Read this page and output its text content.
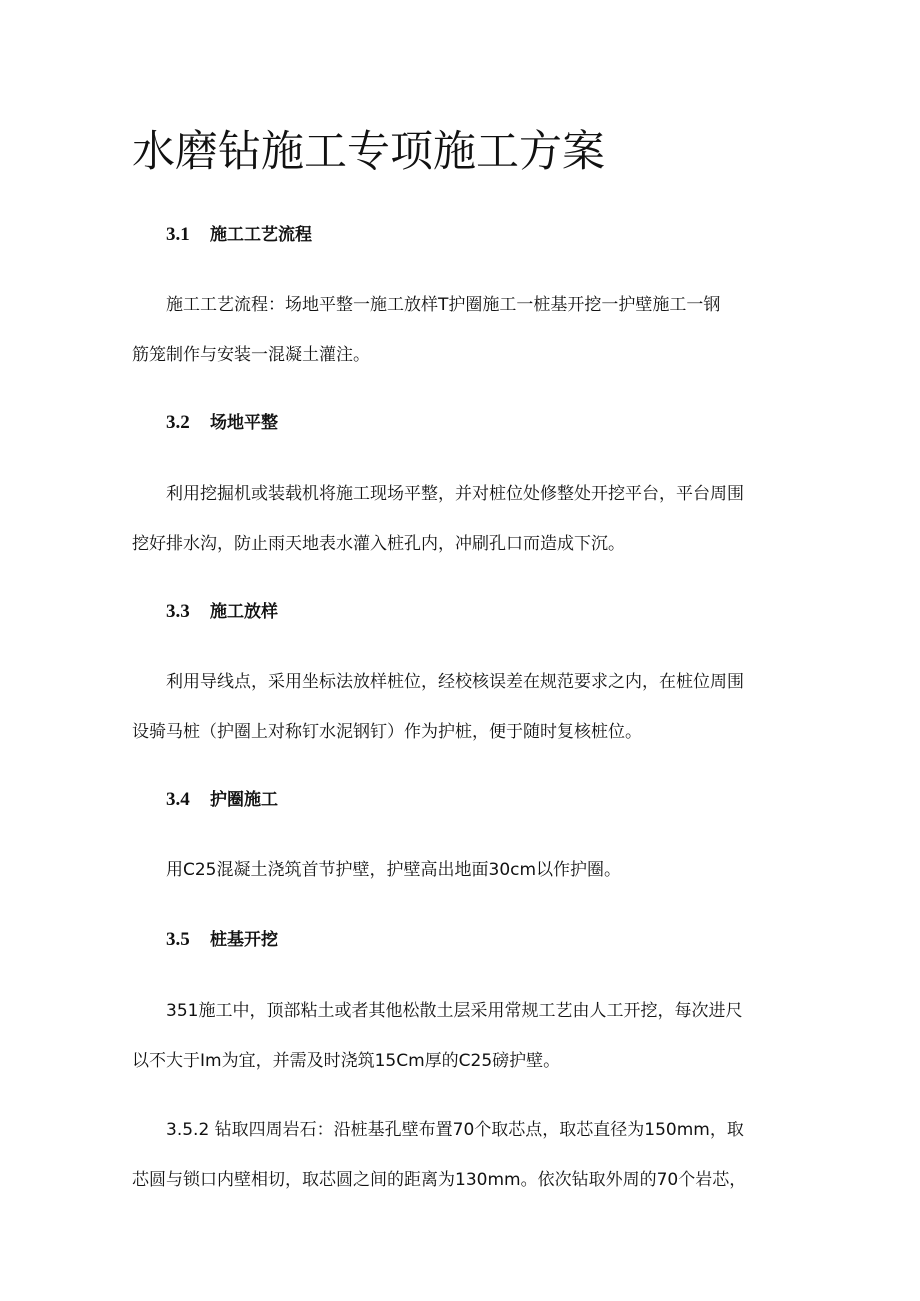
水磨钻施工专项施工方案
3.1 施工工艺流程
施工工艺流程：场地平整一施工放样T护圈施工一桩基开挖一护壁施工一钢
筋笼制作与安装一混凝土灌注。
3.2 场地平整
利用挖掘机或装载机将施工现场平整，并对桩位处修整处开挖平台，平台周围
挖好排水沟，防止雨天地表水灌入桩孔内，冲刷孔口而造成下沉。
3.3 施工放样
利用导线点，采用坐标法放样桩位，经校核误差在规范要求之内，在桩位周围
设骑马桩（护圈上对称钉水泥钢钉）作为护桩，便于随时复核桩位。
3.4 护圈施工
用C25混凝土浇筑首节护壁，护壁高出地面30cm以作护圈。
3.5 桩基开挖
351施工中，顶部粘土或者其他松散土层采用常规工艺由人工开挖，每次进尺
以不大于Im为宜，并需及时浇筑15Cm厚的C25磅护壁。
3.5.2 钻取四周岩石：沿桩基孔壁布置70个取芯点，取芯直径为150mm，取
芯圆与锁口内壁相切，取芯圆之间的距离为130mm。依次钻取外周的70个岩芯，
